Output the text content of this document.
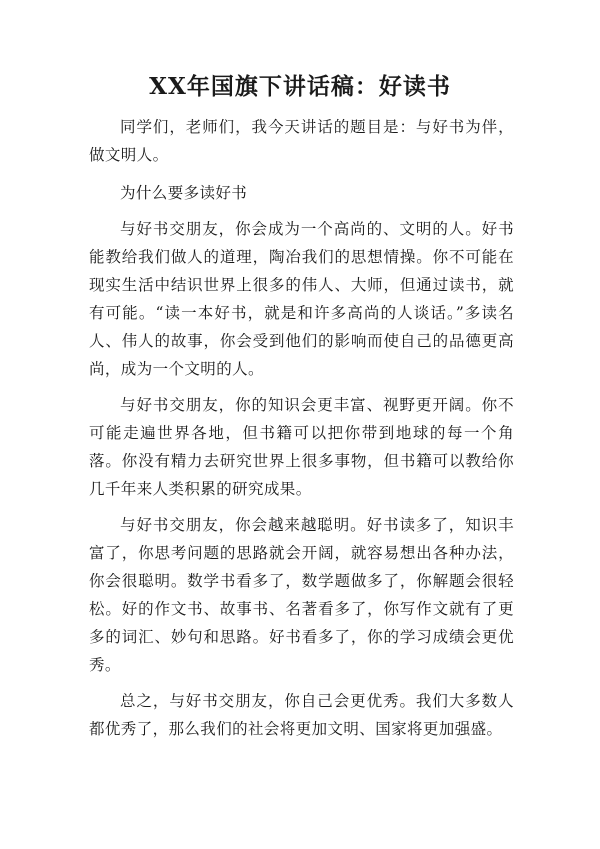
XX年国旗下讲话稿：好读书

同学们，老师们，我今天讲话的题目是：与好书为伴，做文明人。

为什么要多读好书

与好书交朋友，你会成为一个高尚的、文明的人。好书能教给我们做人的道理，陶冶我们的思想情操。你不可能在现实生活中结识世界上很多的伟人、大师，但通过读书，就有可能。“读一本好书，就是和许多高尚的人谈话。”多读名人、伟人的故事，你会受到他们的影响而使自己的品德更高尚，成为一个文明的人。

与好书交朋友，你的知识会更丰富、视野更开阔。你不可能走遍世界各地，但书籍可以把你带到地球的每一个角落。你没有精力去研究世界上很多事物，但书籍可以教给你几千年来人类积累的研究成果。

与好书交朋友，你会越来越聪明。好书读多了，知识丰富了，你思考问题的思路就会开阔，就容易想出各种办法，你会很聪明。数学书看多了，数学题做多了，你解题会很轻松。好的作文书、故事书、名著看多了，你写作文就有了更多的词汇、妙句和思路。好书看多了，你的学习成绩会更优秀。

总之，与好书交朋友，你自己会更优秀。我们大多数人都优秀了，那么我们的社会将更加文明、国家将更加强盛。
